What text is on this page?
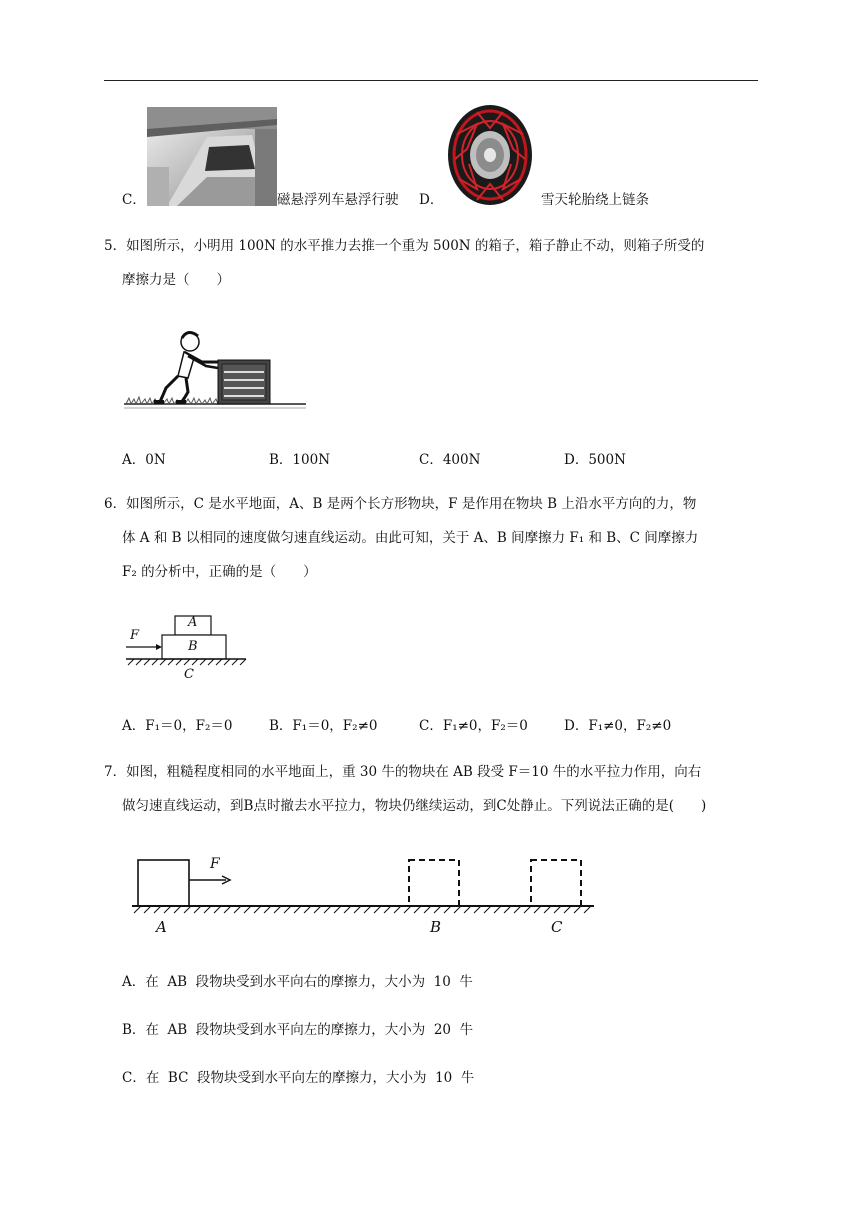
C．	磁悬浮列车悬浮行驶 D．	雪天轮胎绕上链条
5．如图所示，小明用 100N 的水平推力去推一个重为 500N 的箱子，箱子静止不动，则箱子所受的
摩擦力是（　　）
A．0N	B．100N	C．400N	D．500N
6．如图所示，C 是水平地面，A、B 是两个长方形物块，F 是作用在物块 B 上沿水平方向的力，物
体 A 和 B 以相同的速度做匀速直线运动。由此可知，关于 A、B 间摩擦力 F₁ 和 B、C 间摩擦力
F₂ 的分析中，正确的是（　　）
A
B
C
F
A．F₁＝0，F₂＝0	B．F₁＝0，F₂≠0	C．F₁≠0，F₂＝0	D．F₁≠0，F₂≠0
7．如图，粗糙程度相同的水平地面上，重 30 牛的物块在 AB 段受 F＝10 牛的水平拉力作用，向右
做匀速直线运动，到B点时撤去水平拉力，物块仍继续运动，到C处静止。下列说法正确的是(　　)
F
A	B	C
A．在  AB  段物块受到水平向右的摩擦力，大小为  10  牛
B．在  AB  段物块受到水平向左的摩擦力，大小为  20  牛
C．在  BC  段物块受到水平向左的摩擦力，大小为  10  牛
